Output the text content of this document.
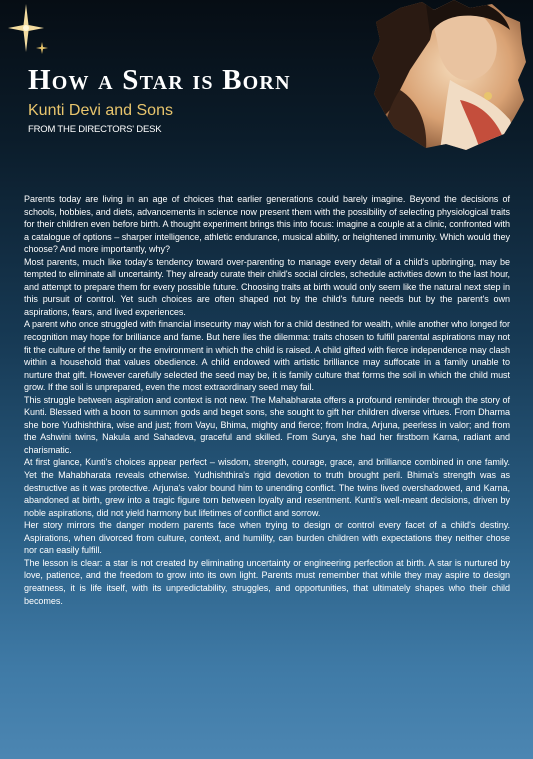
How a Star is Born
Kunti Devi and Sons
FROM THE DIRECTORS' DESK

Parents today are living in an age of choices that earlier generations could barely imagine. Beyond the decisions of schools, hobbies, and diets, advancements in science now present them with the possibility of selecting physiological traits for their children even before birth. A thought experiment brings this into focus: imagine a couple at a clinic, confronted with a catalogue of options – sharper intelligence, athletic endurance, musical ability, or heightened immunity. Which would they choose? And more importantly, why?

Most parents, much like today's tendency toward over-parenting to manage every detail of a child's upbringing, may be tempted to eliminate all uncertainty. They already curate their child's social circles, schedule activities down to the last hour, and attempt to prepare them for every possible future. Choosing traits at birth would only seem like the natural next step in this pursuit of control. Yet such choices are often shaped not by the child's future needs but by the parent's own aspirations, fears, and lived experiences.

A parent who once struggled with financial insecurity may wish for a child destined for wealth, while another who longed for recognition may hope for brilliance and fame. But here lies the dilemma: traits chosen to fulfill parental aspirations may not fit the culture of the family or the environment in which the child is raised. A child gifted with fierce independence may clash within a household that values obedience. A child endowed with artistic brilliance may suffocate in a family unable to nurture that gift. However carefully selected the seed may be, it is family culture that forms the soil in which the child must grow. If the soil is unprepared, even the most extraordinary seed may fail.

This struggle between aspiration and context is not new. The Mahabharata offers a profound reminder through the story of Kunti. Blessed with a boon to summon gods and beget sons, she sought to gift her children diverse virtues. From Dharma she bore Yudhishthira, wise and just; from Vayu, Bhima, mighty and fierce; from Indra, Arjuna, peerless in valor; and from the Ashwini twins, Nakula and Sahadeva, graceful and skilled. From Surya, she had her firstborn Karna, radiant and charismatic.

At first glance, Kunti's choices appear perfect – wisdom, strength, courage, grace, and brilliance combined in one family. Yet the Mahabharata reveals otherwise. Yudhishthira's rigid devotion to truth brought peril. Bhima's strength was as destructive as it was protective. Arjuna's valor bound him to unending conflict. The twins lived overshadowed, and Karna, abandoned at birth, grew into a tragic figure torn between loyalty and resentment. Kunti's well-meant decisions, driven by noble aspirations, did not yield harmony but lifetimes of conflict and sorrow.

Her story mirrors the danger modern parents face when trying to design or control every facet of a child's destiny. Aspirations, when divorced from culture, context, and humility, can burden children with expectations they neither chose nor can easily fulfill.

The lesson is clear: a star is not created by eliminating uncertainty or engineering perfection at birth. A star is nurtured by love, patience, and the freedom to grow into its own light. Parents must remember that while they may aspire to design greatness, it is life itself, with its unpredictability, struggles, and opportunities, that ultimately shapes who their child becomes.
